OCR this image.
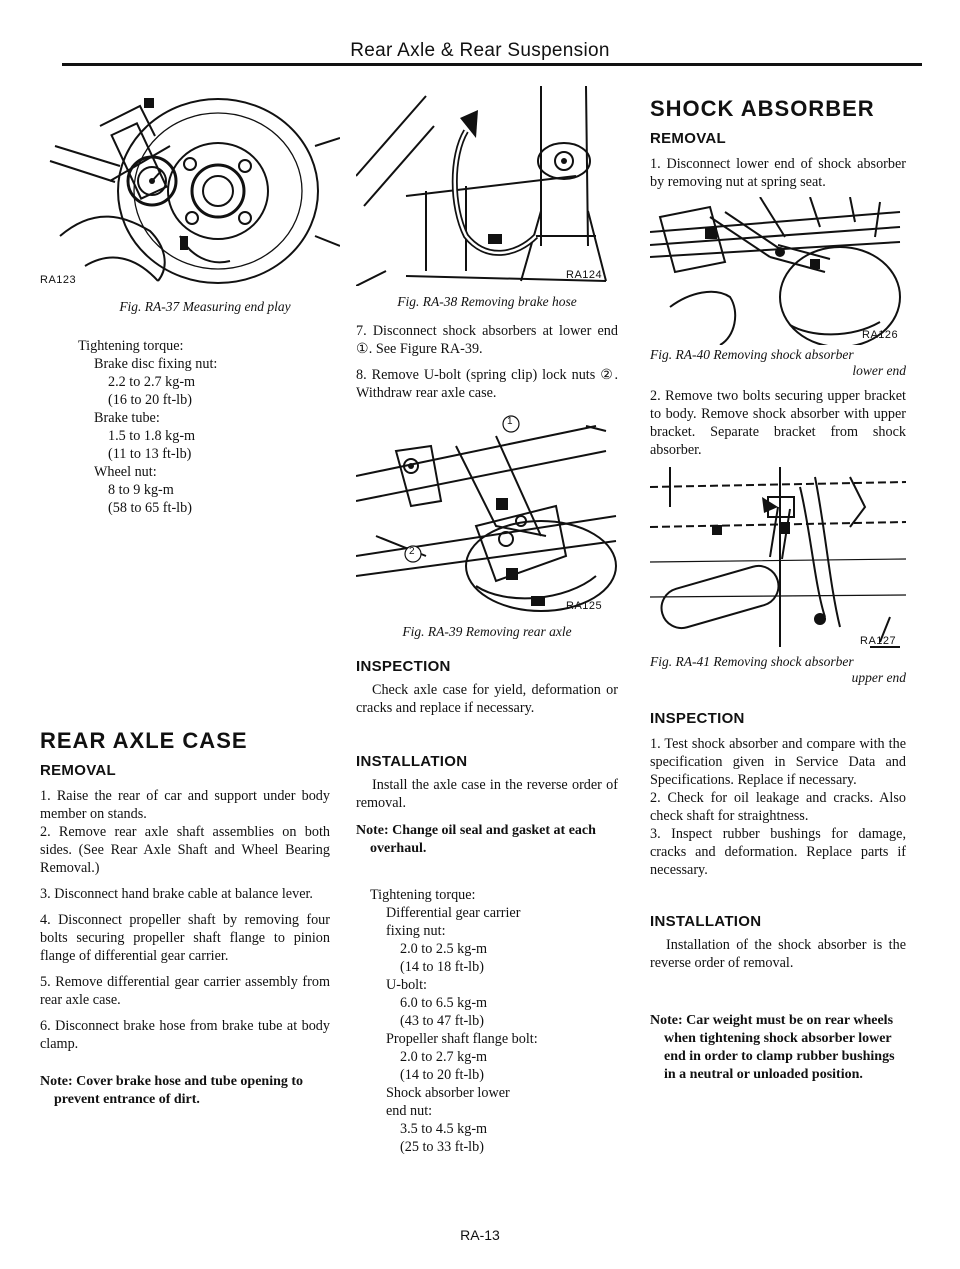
Rear Axle & Rear Suspension
RA123
Fig. RA-37 Measuring end play
Tightening torque:
Brake disc fixing nut:
2.2 to 2.7 kg-m
(16 to 20 ft-lb)
Brake tube:
1.5 to 1.8 kg-m
(11 to 13 ft-lb)
Wheel nut:
8 to 9 kg-m
(58 to 65 ft-lb)
REAR AXLE CASE
REMOVAL

1. Raise the rear of car and support under body member on stands.

2. Remove rear axle shaft assemblies on both sides. (See Rear Axle Shaft and Wheel Bearing Removal.)

3. Disconnect hand brake cable at balance lever.

4. Disconnect propeller shaft by removing four bolts securing propeller shaft flange to pinion flange of differential gear carrier.

5. Remove differential gear carrier assembly from rear axle case.

6. Disconnect brake hose from brake tube at body clamp.

Note: Cover brake hose and tube opening to prevent entrance of dirt.
RA124
Fig. RA-38 Removing brake hose

7. Disconnect shock absorbers at lower end ①. See Figure RA-39.

8. Remove U-bolt (spring clip) lock nuts ②. Withdraw rear axle case.

1
2
RA125
Fig. RA-39 Removing rear axle
INSPECTION

Check axle case for yield, deformation or cracks and replace if necessary.

INSTALLATION

Install the axle case in the reverse order of removal.

Note: Change oil seal and gasket at each overhaul.
Tightening torque:
Differential gear carrier
fixing nut:
2.0 to 2.5 kg-m
(14 to 18 ft-lb)
U-bolt:
6.0 to 6.5 kg-m
(43 to 47 ft-lb)
Propeller shaft flange bolt:
2.0 to 2.7 kg-m
(14 to 20 ft-lb)
Shock absorber lower
end nut:
3.5 to 4.5 kg-m
(25 to 33 ft-lb)
SHOCK ABSORBER
REMOVAL

1. Disconnect lower end of shock absorber by removing nut at spring seat.

RA126
Fig. RA-40 Removing shock absorber
lower end

2. Remove two bolts securing upper bracket to body. Remove shock absorber with upper bracket. Separate bracket from shock absorber.

RA127
Fig. RA-41 Removing shock absorber
upper end
INSPECTION

1. Test shock absorber and compare with the specification given in Service Data and Specifications. Replace if necessary.

2. Check for oil leakage and cracks. Also check shaft for straightness.

3. Inspect rubber bushings for damage, cracks and deformation. Replace parts if necessary.

INSTALLATION

Installation of the shock absorber is the reverse order of removal.

Note: Car weight must be on rear wheels when tightening shock absorber lower end in order to clamp rubber bushings in a neutral or unloaded position.
RA-13
